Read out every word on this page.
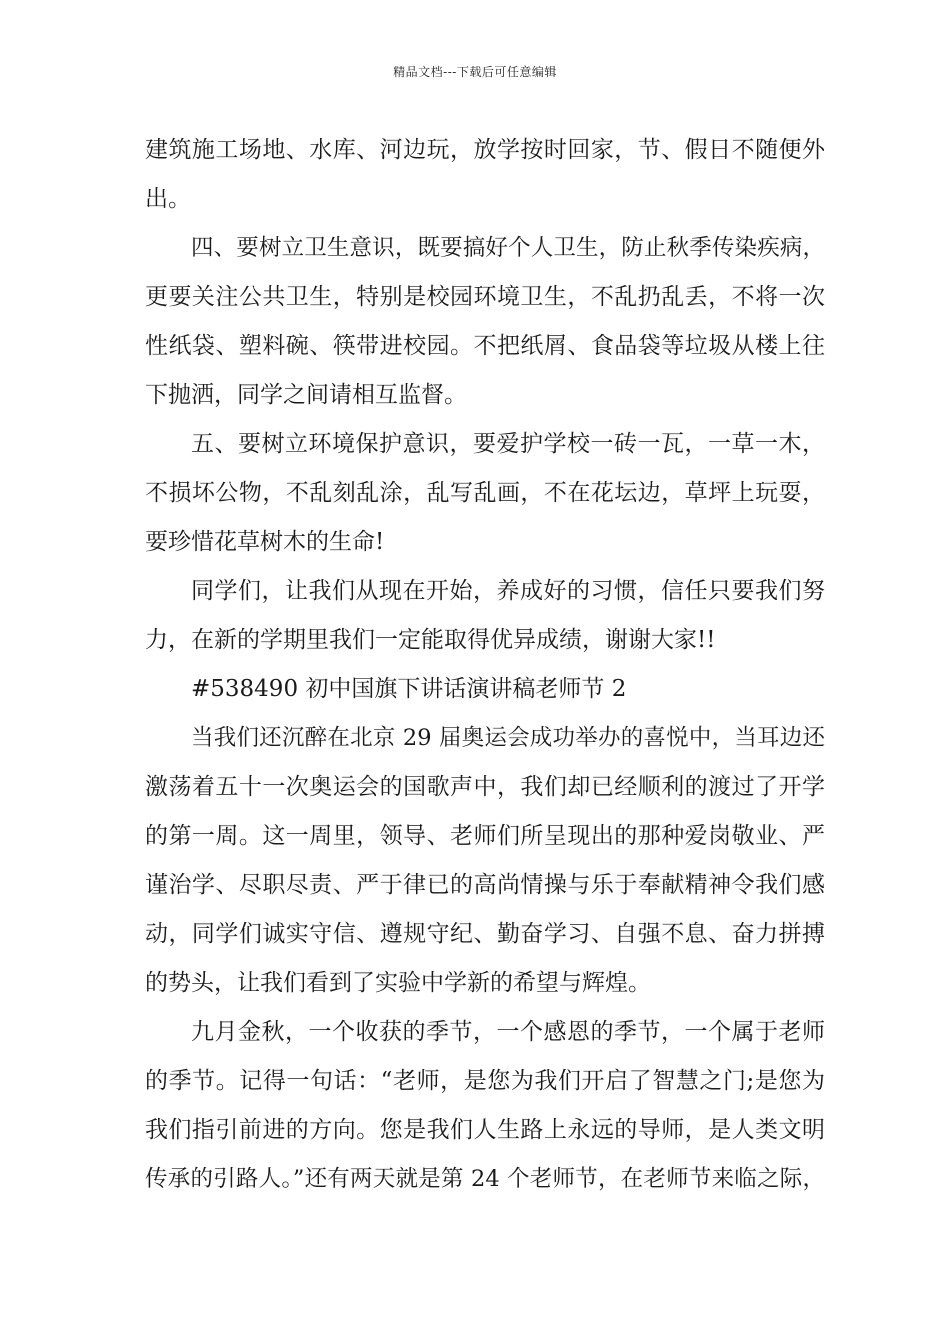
精品文档---下载后可任意编辑
建筑施工场地、水库、河边玩，放学按时回家，节、假日不随便外
出。
四、要树立卫生意识，既要搞好个人卫生，防止秋季传染疾病，
更要关注公共卫生，特别是校园环境卫生，不乱扔乱丢，不将一次
性纸袋、塑料碗、筷带进校园。不把纸屑、食品袋等垃圾从楼上往
下抛洒，同学之间请相互监督。
五、要树立环境保护意识，要爱护学校一砖一瓦，一草一木，
不损坏公物，不乱刻乱涂，乱写乱画，不在花坛边，草坪上玩耍，
要珍惜花草树木的生命!
同学们，让我们从现在开始，养成好的习惯，信任只要我们努
力，在新的学期里我们一定能取得优异成绩，谢谢大家!!
#538490 初中国旗下讲话演讲稿老师节 2
当我们还沉醉在北京 29 届奥运会成功举办的喜悦中，当耳边还
激荡着五十一次奥运会的国歌声中，我们却已经顺利的渡过了开学
的第一周。这一周里，领导、老师们所呈现出的那种爱岗敬业、严
谨治学、尽职尽责、严于律已的高尚情操与乐于奉献精神令我们感
动，同学们诚实守信、遵规守纪、勤奋学习、自强不息、奋力拼搏
的势头，让我们看到了实验中学新的希望与辉煌。
九月金秋，一个收获的季节，一个感恩的季节，一个属于老师
的季节。记得一句话：“老师，是您为我们开启了智慧之门;是您为
我们指引前进的方向。您是我们人生路上永远的导师，是人类文明
传承的引路人。”还有两天就是第 24 个老师节，在老师节来临之际，
